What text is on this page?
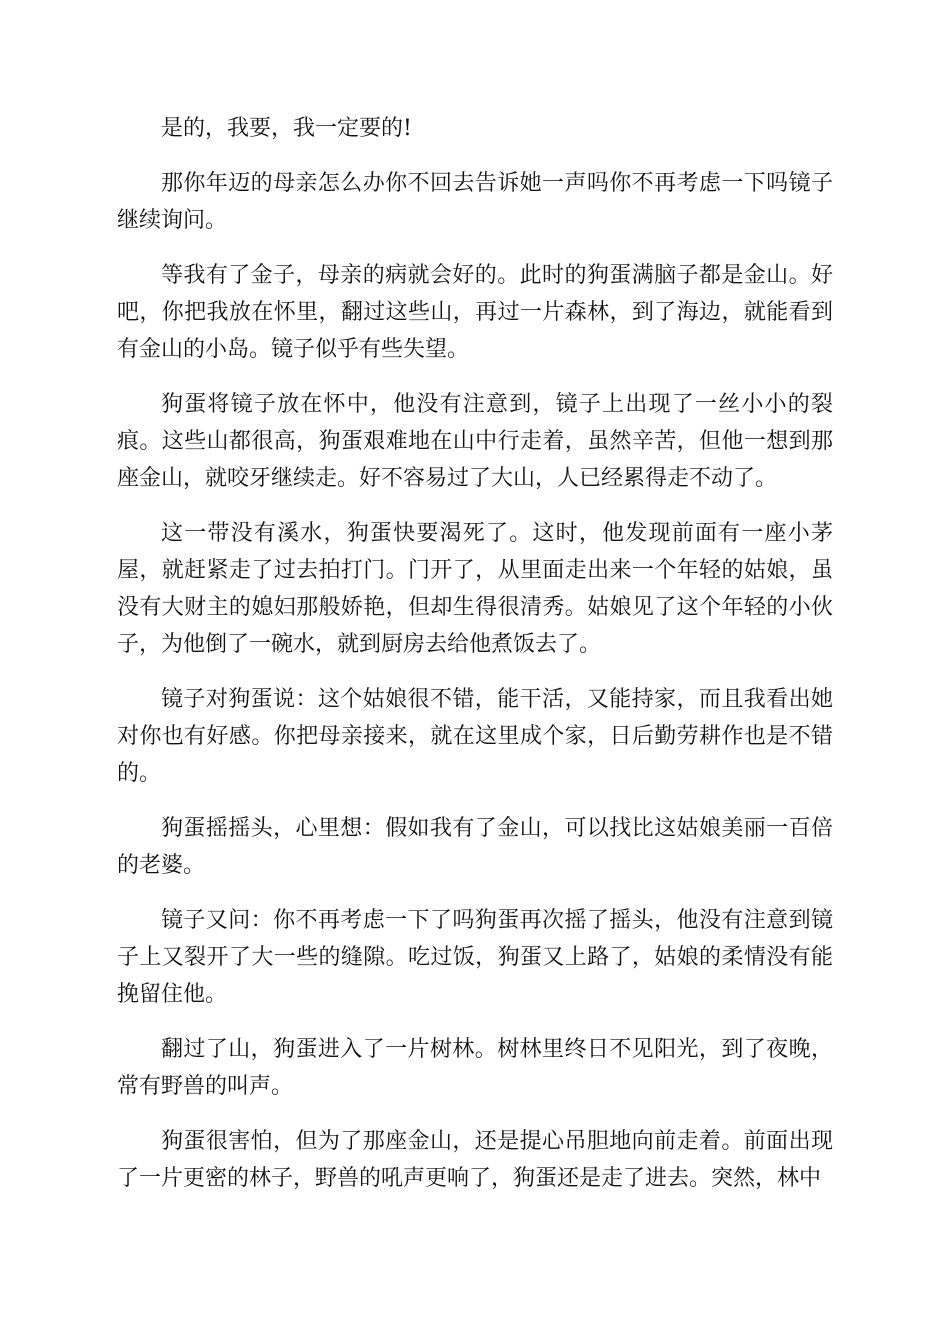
是的，我要，我一定要的!

那你年迈的母亲怎么办你不回去告诉她一声吗你不再考虑一下吗镜子继续询问。

等我有了金子，母亲的病就会好的。此时的狗蛋满脑子都是金山。好吧，你把我放在怀里，翻过这些山，再过一片森林，到了海边，就能看到有金山的小岛。镜子似乎有些失望。

狗蛋将镜子放在怀中，他没有注意到，镜子上出现了一丝小小的裂痕。这些山都很高，狗蛋艰难地在山中行走着，虽然辛苦，但他一想到那座金山，就咬牙继续走。好不容易过了大山，人已经累得走不动了。

这一带没有溪水，狗蛋快要渴死了。这时，他发现前面有一座小茅屋，就赶紧走了过去拍打门。门开了，从里面走出来一个年轻的姑娘，虽没有大财主的媳妇那般娇艳，但却生得很清秀。姑娘见了这个年轻的小伙子，为他倒了一碗水，就到厨房去给他煮饭去了。

镜子对狗蛋说：这个姑娘很不错，能干活，又能持家，而且我看出她对你也有好感。你把母亲接来，就在这里成个家，日后勤劳耕作也是不错的。

狗蛋摇摇头，心里想：假如我有了金山，可以找比这姑娘美丽一百倍的老婆。

镜子又问：你不再考虑一下了吗狗蛋再次摇了摇头，他没有注意到镜子上又裂开了大一些的缝隙。吃过饭，狗蛋又上路了，姑娘的柔情没有能挽留住他。

翻过了山，狗蛋进入了一片树林。树林里终日不见阳光，到了夜晚，常有野兽的叫声。

狗蛋很害怕，但为了那座金山，还是提心吊胆地向前走着。前面出现了一片更密的林子，野兽的吼声更响了，狗蛋还是走了进去。突然，林中
